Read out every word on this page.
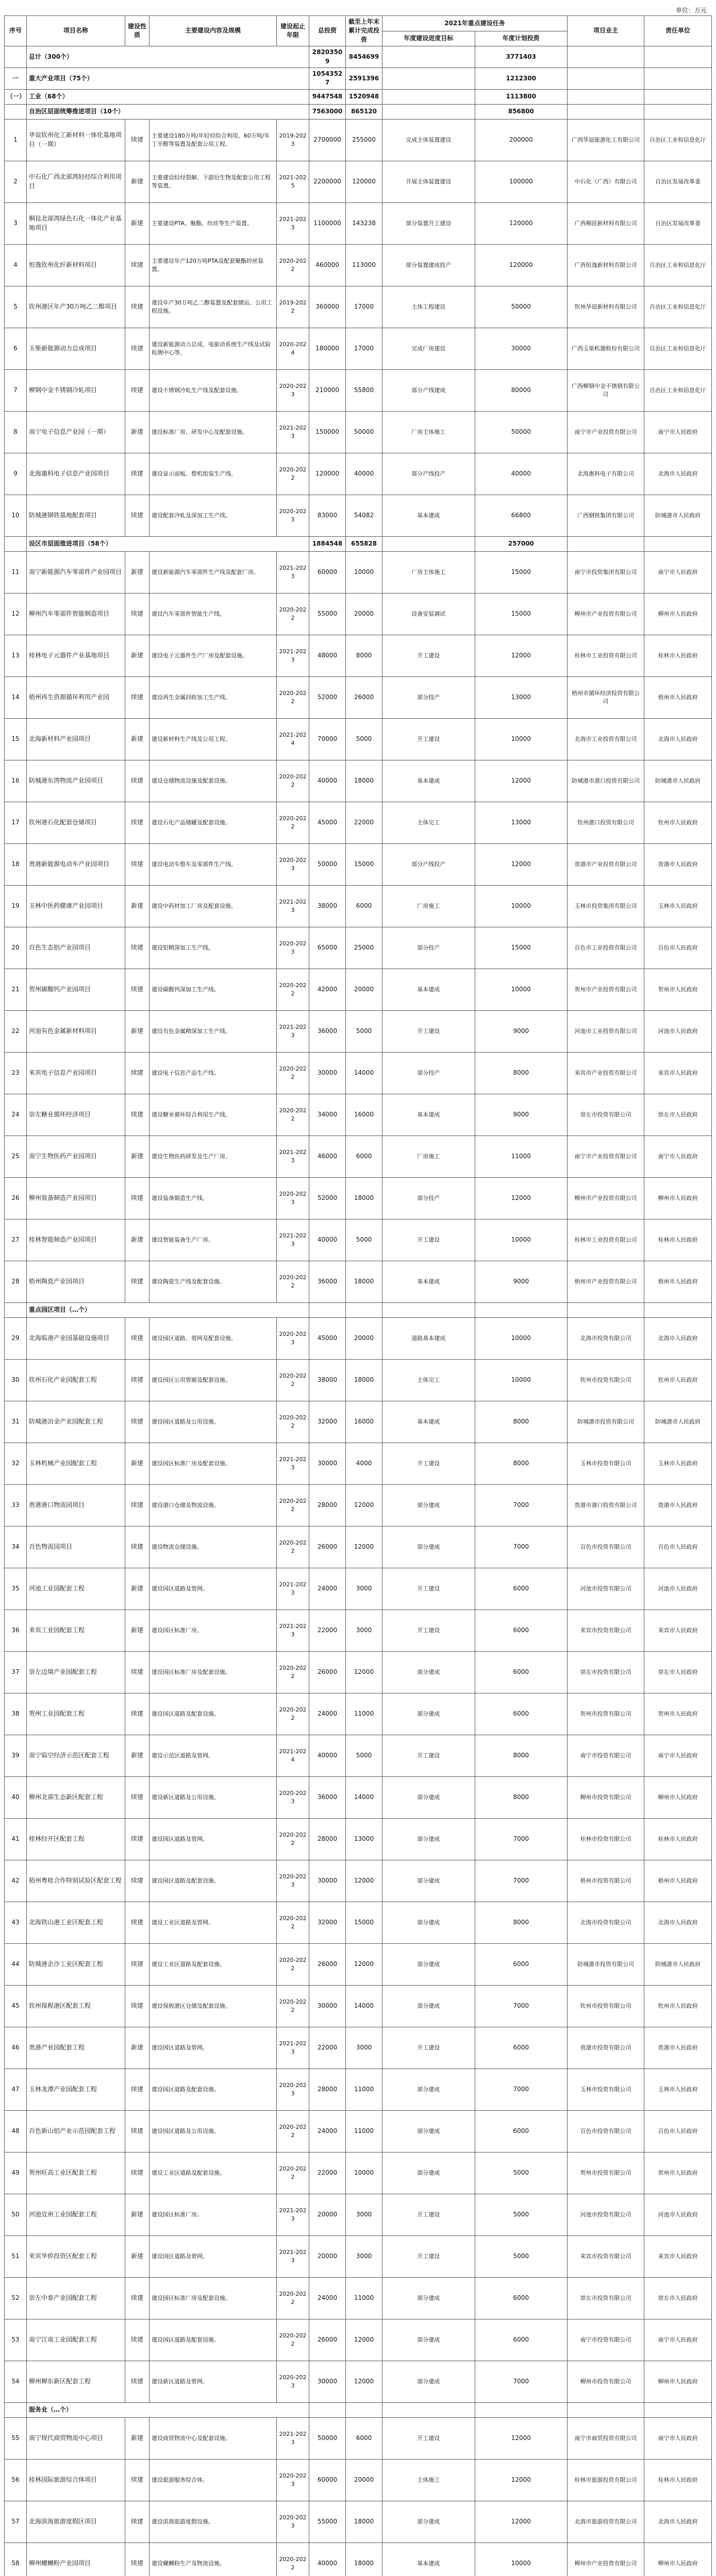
单位：万元
序号	项目名称	建设性质	主要建设内容及规模	建设起止年限	总投资	截至上年末累计完成投资	2021年重点建设任务		项目业主	责任单位
							年度建设进度目标	年度计划投资		
	总计（300个）				28203509	8454699		3771403		
一	重大产业项目（75个）				10543527	2591396		1212300		
（一）	工业（68个）				9447548	1520948		1113800		
	自治区层面统筹推进项目（10个）				7563000	865120		856800		
1	华谊钦州化工新材料一体化基地项目（一期）	续建	主要建设180万吨/年轻烃综合利用、60万吨/年丁辛醇等装置及配套公用工程。	2019-2023	2700000	255000	完成主体装置建设	200000	广西华谊能源化工有限公司	自治区工业和信息化厅
2	中石化广西北部湾轻烃综合利用项目	新建	主要建设轻烃裂解、下游衍生物及配套公用工程等装置。	2021-2025	2200000	120000	开展主体装置建设	100000	中石化（广西）有限公司	自治区发展改革委
3	桐昆北部湾绿色石化一体化产业基地项目	新建	主要建设PTA、聚酯、纺丝等生产装置。	2021-2023	1100000	143238	部分装置开工建设	120000	广西桐昆新材料有限公司	自治区发展改革委
4	恒逸钦州化纤新材料项目	续建	主要建设年产120万吨PTA及配套聚酯纺丝装置。	2020-2022	460000	113000	部分装置建成投产	120000	广西恒逸新材料有限公司	自治区工业和信息化厅
5	钦州港区年产30万吨乙二醇项目	续建	建设年产30万吨乙二醇装置及配套储运、公用工程设施。	2019-2022	360000	17000	主体工程建设	50000	钦州华谊新材料有限公司	自治区工业和信息化厅
6	玉柴新能源动力总成项目	续建	建设新能源动力总成、电驱动系统生产线及试验检测中心等。	2020-2024	180000	17000	完成厂房建设	30000	广西玉柴机器股份有限公司	自治区工业和信息化厅
7	柳钢中金不锈钢冷轧项目	续建	建设不锈钢冷轧生产线及配套设施。	2020-2023	210000	55800	部分产线建成	80000	广西柳钢中金不锈钢有限公司	自治区工业和信息化厅
8	南宁电子信息产业园（一期）	新建	建设标准厂房、研发中心及配套设施。	2021-2023	150000	50000	厂房主体施工	50000	南宁市产业投资有限公司	南宁市人民政府
9	北海惠科电子信息产业园项目	续建	建设显示面板、整机组装生产线。	2020-2022	120000	40000	部分产线投产	40000	北海惠科电子有限公司	北海市人民政府
10	防城港钢铁基地配套项目	续建	建设配套冷轧及深加工生产线。	2020-2023	83000	54082	基本建成	66800	广西钢铁集团有限公司	防城港市人民政府
	设区市层面推进项目（58个）				1884548	655828		257000		
11	南宁新能源汽车零部件产业园项目	新建	建设新能源汽车零部件生产线及配套厂房。	2021-2023	60000	10000	厂房主体施工	15000	南宁市投资集团有限公司	南宁市人民政府
12	柳州汽车零部件智能制造项目	续建	建设汽车零部件智能生产线。	2020-2022	55000	20000	设备安装调试	15000	柳州市产业投资有限公司	柳州市人民政府
13	桂林电子元器件产业基地项目	新建	建设电子元器件生产厂房及配套设施。	2021-2023	48000	8000	开工建设	12000	桂林市工业投资有限公司	桂林市人民政府
14	梧州再生资源循环利用产业园	续建	建设再生金属回收加工生产线。	2020-2022	52000	26000	部分投产	13000	梧州市循环经济投资有限公司	梧州市人民政府
15	北海新材料产业园项目	新建	建设新材料生产线及公用工程。	2021-2024	70000	5000	开工建设	10000	北海市工业投资有限公司	北海市人民政府
16	防城港东湾物流产业园项目	续建	建设仓储物流设施及配套设施。	2020-2022	40000	18000	基本建成	12000	防城港市港口投资有限公司	防城港市人民政府
17	钦州港石化配套仓储项目	续建	建设石化产品储罐及配套设施。	2020-2022	45000	22000	主体完工	13000	钦州港口投资有限公司	钦州市人民政府
18	贵港新能源电动车产业园项目	续建	建设电动车整车及零部件生产线。	2020-2023	50000	15000	部分产线投产	12000	贵港市产业投资有限公司	贵港市人民政府
19	玉林中医药健康产业园项目	新建	建设中药材加工厂房及配套设施。	2021-2023	38000	6000	厂房施工	10000	玉林市投资集团有限公司	玉林市人民政府
20	百色生态铝产业园项目	续建	建设铝精深加工生产线。	2020-2023	65000	25000	部分投产	15000	百色市工业投资有限公司	百色市人民政府
21	贺州碳酸钙产业园项目	续建	建设碳酸钙深加工生产线。	2020-2022	42000	20000	基本建成	10000	贺州市产业投资有限公司	贺州市人民政府
22	河池有色金属新材料项目	新建	建设有色金属精深加工生产线。	2021-2023	36000	5000	开工建设	9000	河池市工业投资有限公司	河池市人民政府
23	来宾电子信息产业园项目	续建	建设电子信息产品生产线。	2020-2022	30000	14000	部分投产	8000	来宾市产业投资有限公司	来宾市人民政府
24	崇左糖业循环经济项目	续建	建设糖业循环综合利用生产线。	2020-2022	34000	16000	基本建成	9000	崇左市投资有限公司	崇左市人民政府
25	南宁生物医药产业园项目	新建	建设生物医药研发及生产厂房。	2021-2023	46000	6000	厂房施工	11000	南宁市产业投资有限公司	南宁市人民政府
26	柳州装备制造产业园项目	续建	建设装备制造生产线。	2020-2023	52000	18000	部分投产	12000	柳州市产业投资有限公司	柳州市人民政府
27	桂林智能制造产业园项目	新建	建设智能装备生产厂房。	2021-2023	40000	5000	开工建设	10000	桂林市工业投资有限公司	桂林市人民政府
28	梧州陶瓷产业园项目	续建	建设陶瓷生产线及配套设施。	2020-2022	36000	18000	基本建成	9000	梧州市产业投资有限公司	梧州市人民政府
	重点园区项目（…个）									
29	北海临港产业园基础设施项目	续建	建设园区道路、管网及配套设施。	2020-2023	45000	20000	道路基本建成	10000	北海市投资有限公司	北海市人民政府
30	钦州石化产业园配套工程	续建	建设园区公用管廊及配套设施。	2020-2022	38000	18000	主体完工	10000	钦州市投资有限公司	钦州市人民政府
31	防城港冶金产业园配套工程	续建	建设园区道路及公用设施。	2020-2022	32000	16000	基本建成	8000	防城港市投资有限公司	防城港市人民政府
32	玉林机械产业园配套工程	新建	建设园区标准厂房及配套设施。	2021-2023	30000	4000	开工建设	8000	玉林市投资有限公司	玉林市人民政府
33	贵港港口物流园项目	续建	建设港口仓储及物流设施。	2020-2022	28000	12000	部分建成	7000	贵港市港口投资有限公司	贵港市人民政府
34	百色物流园项目	续建	建设物流仓储设施。	2020-2022	26000	12000	部分建成	7000	百色市投资有限公司	百色市人民政府
35	河池工业园配套工程	新建	建设园区道路及管网。	2021-2023	24000	3000	开工建设	6000	河池市投资有限公司	河池市人民政府
36	来宾工业园配套工程	新建	建设园区标准厂房。	2021-2023	22000	3000	开工建设	6000	来宾市投资有限公司	来宾市人民政府
37	崇左边境产业园配套工程	续建	建设园区标准厂房及配套设施。	2020-2022	26000	12000	部分建成	6000	崇左市投资有限公司	崇左市人民政府
38	贺州工业园配套工程	续建	建设园区道路及配套设施。	2020-2022	24000	11000	部分建成	6000	贺州市投资有限公司	贺州市人民政府
39	南宁临空经济示范区配套工程	新建	建设示范区道路及管网。	2021-2024	40000	5000	开工建设	8000	南宁市投资有限公司	南宁市人民政府
40	柳州北部生态新区配套工程	续建	建设新区道路及公用设施。	2020-2023	36000	14000	部分建成	8000	柳州市投资有限公司	柳州市人民政府
41	桂林经开区配套工程	续建	建设园区道路及管网。	2020-2022	28000	13000	部分建成	7000	桂林市投资有限公司	桂林市人民政府
42	梧州粤桂合作特别试验区配套工程	续建	建设园区道路及配套设施。	2020-2023	30000	12000	部分建成	7000	梧州市投资有限公司	梧州市人民政府
43	北海铁山港工业区配套工程	续建	建设工业区道路及管网。	2020-2022	32000	15000	部分建成	8000	北海市投资有限公司	北海市人民政府
44	防城港企沙工业区配套工程	续建	建设工业区道路及配套设施。	2020-2022	26000	12000	部分建成	6000	防城港市投资有限公司	防城港市人民政府
45	钦州保税港区配套工程	续建	建设保税港区仓储及配套设施。	2020-2022	30000	14000	部分建成	7000	钦州市投资有限公司	钦州市人民政府
46	贵港产业园配套工程	新建	建设园区道路及管网。	2021-2023	22000	3000	开工建设	6000	贵港市投资有限公司	贵港市人民政府
47	玉林龙潭产业园配套工程	续建	建设园区道路及配套设施。	2020-2023	28000	11000	部分建成	7000	玉林市投资有限公司	玉林市人民政府
48	百色新山铝产业示范园配套工程	续建	建设园区道路及公用设施。	2020-2022	24000	11000	部分建成	6000	百色市投资有限公司	百色市人民政府
49	贺州旺高工业区配套工程	续建	建设工业区道路及配套设施。	2020-2022	22000	10000	部分建成	5000	贺州市投资有限公司	贺州市人民政府
50	河池宜州工业园配套工程	新建	建设园区标准厂房。	2021-2023	20000	3000	开工建设	5000	河池市投资有限公司	河池市人民政府
51	来宾华侨投资区配套工程	新建	建设园区道路及管网。	2021-2023	20000	3000	开工建设	5000	来宾市投资有限公司	来宾市人民政府
52	崇左中泰产业园配套工程	续建	建设园区标准厂房及配套设施。	2020-2022	24000	11000	部分建成	6000	崇左市投资有限公司	崇左市人民政府
53	南宁江南工业园配套工程	续建	建设园区道路及配套设施。	2020-2022	26000	12000	部分建成	6000	南宁市投资有限公司	南宁市人民政府
54	柳州柳东新区配套工程	续建	建设新区道路及管网。	2020-2023	30000	12000	部分建成	7000	柳州市投资有限公司	柳州市人民政府
	服务业（…个）									
55	南宁现代商贸物流中心项目	新建	建设商贸物流中心及配套设施。	2021-2023	50000	6000	开工建设	12000	南宁市商贸投资有限公司	南宁市人民政府
56	桂林国际旅游综合体项目	续建	建设旅游服务综合体。	2020-2023	60000	20000	主体施工	12000	桂林市旅游投资有限公司	桂林市人民政府
57	北海滨海旅游度假区项目	续建	建设滨海旅游度假设施。	2020-2023	55000	18000	部分建成	12000	北海市旅游投资有限公司	北海市人民政府
58	柳州螺蛳粉产业园项目	续建	建设螺蛳粉生产及物流设施。	2020-2022	40000	18000	基本建成	10000	柳州市产业投资有限公司	柳州市人民政府
